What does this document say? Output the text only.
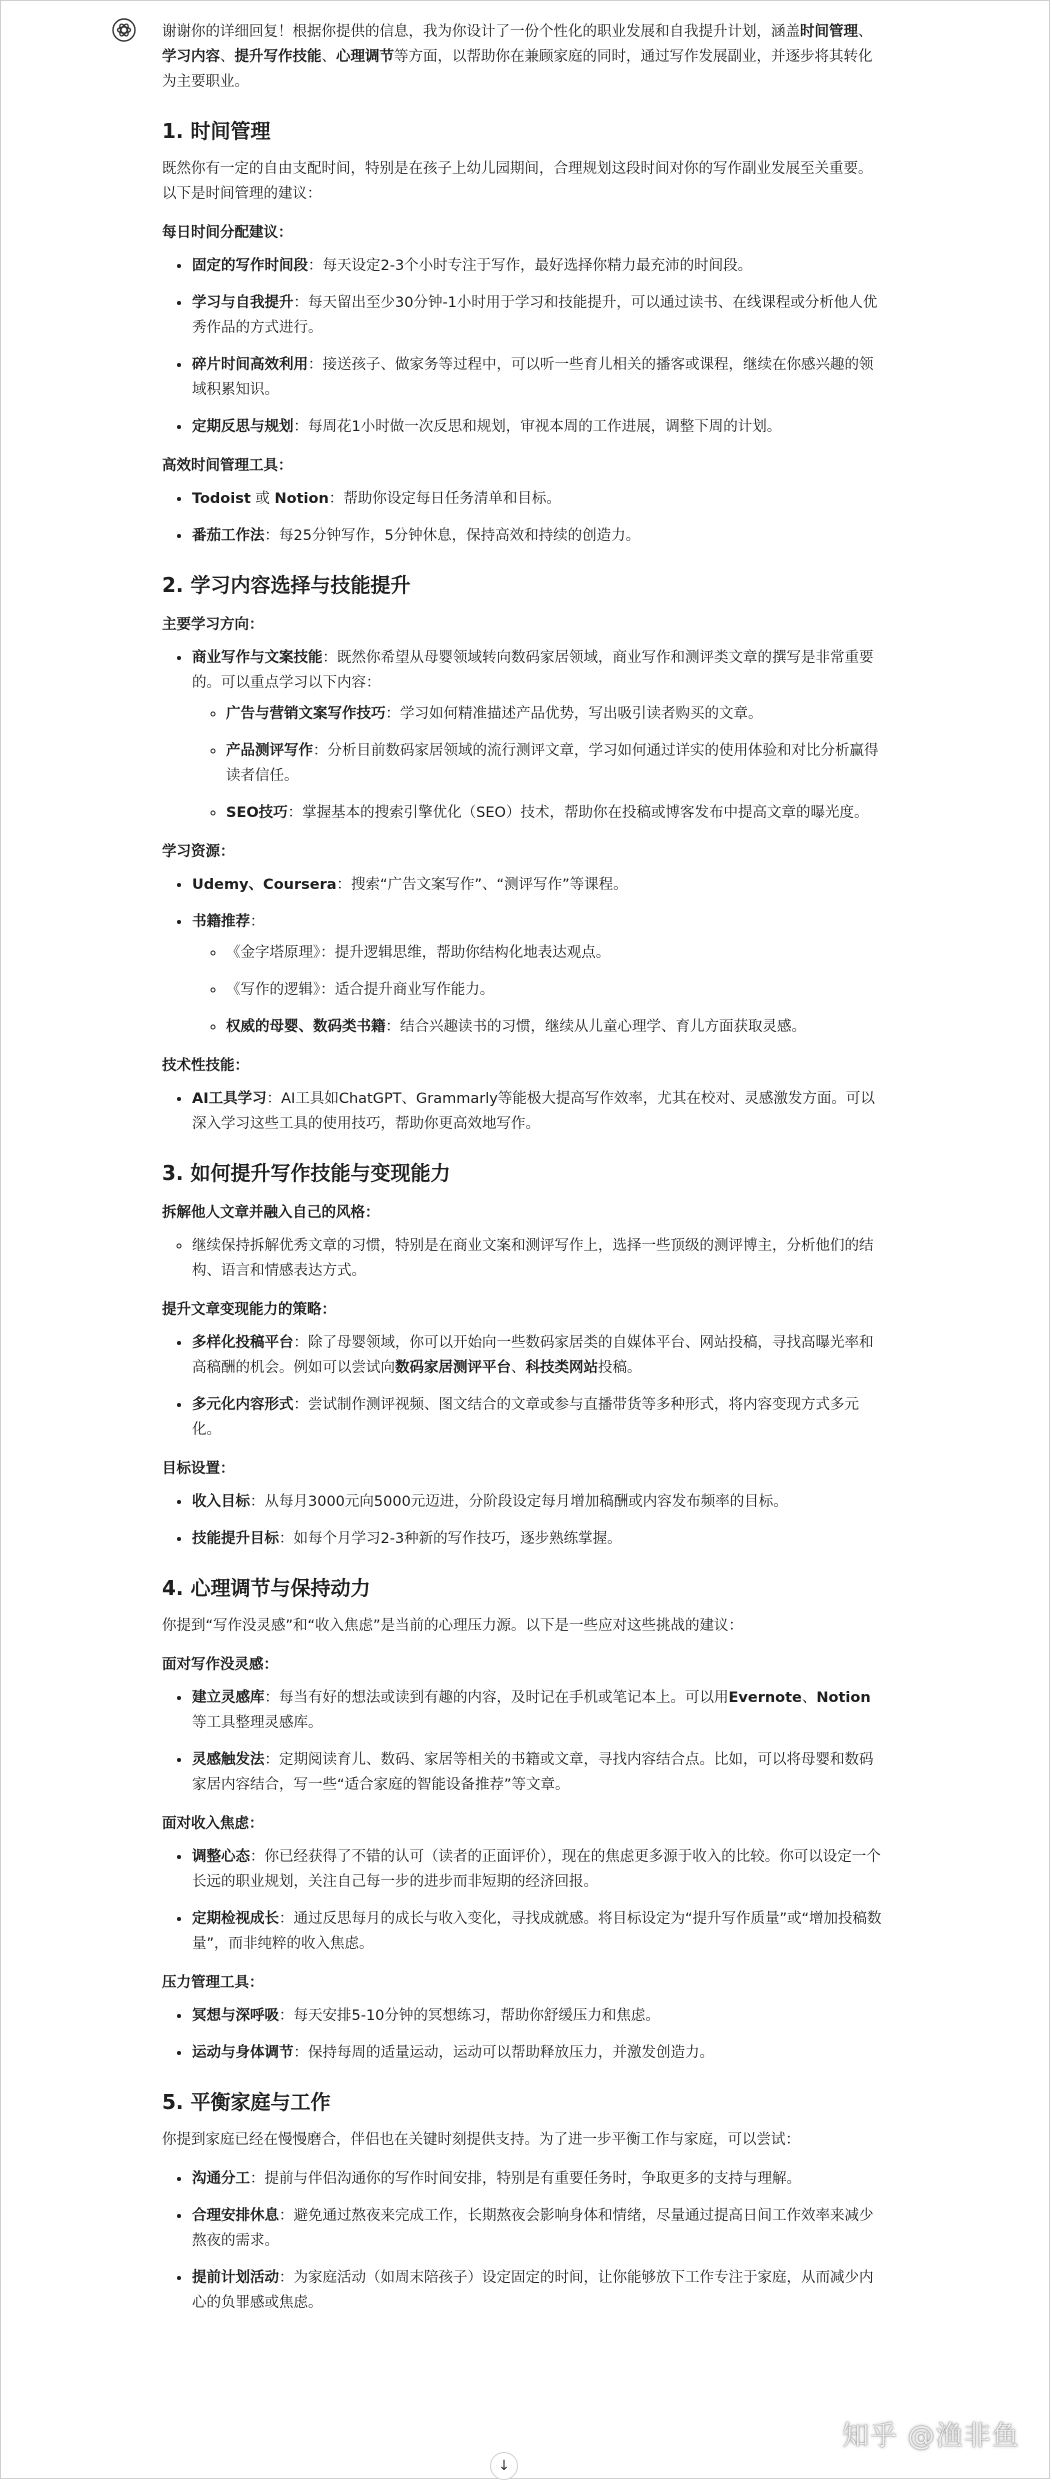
谢谢你的详细回复！根据你提供的信息，我为你设计了一份个性化的职业发展和自我提升计划，涵盖时间管理、学习内容、提升写作技能、心理调节等方面，以帮助你在兼顾家庭的同时，通过写作发展副业，并逐步将其转化为主要职业。

1. 时间管理

既然你有一定的自由支配时间，特别是在孩子上幼儿园期间，合理规划这段时间对你的写作副业发展至关重要。以下是时间管理的建议：

每日时间分配建议：
• 固定的写作时间段：每天设定2-3个小时专注于写作，最好选择你精力最充沛的时间段。
• 学习与自我提升：每天留出至少30分钟-1小时用于学习和技能提升，可以通过读书、在线课程或分析他人优秀作品的方式进行。
• 碎片时间高效利用：接送孩子、做家务等过程中，可以听一些育儿相关的播客或课程，继续在你感兴趣的领域积累知识。
• 定期反思与规划：每周花1小时做一次反思和规划，审视本周的工作进展，调整下周的计划。
高效时间管理工具：
• Todoist 或 Notion：帮助你设定每日任务清单和目标。
• 番茄工作法：每25分钟写作，5分钟休息，保持高效和持续的创造力。
2. 学习内容选择与技能提升
主要学习方向：
• 商业写作与文案技能：既然你希望从母婴领域转向数码家居领域，商业写作和测评类文章的撰写是非常重要的。可以重点学习以下内容：
◦ 广告与营销文案写作技巧：学习如何精准描述产品优势，写出吸引读者购买的文章。
◦ 产品测评写作：分析目前数码家居领域的流行测评文章，学习如何通过详实的使用体验和对比分析赢得读者信任。
◦ SEO技巧：掌握基本的搜索引擎优化（SEO）技术，帮助你在投稿或博客发布中提高文章的曝光度。
学习资源：
• Udemy、Coursera：搜索“广告文案写作”、“测评写作”等课程。
• 书籍推荐：
◦ 《金字塔原理》：提升逻辑思维，帮助你结构化地表达观点。
◦ 《写作的逻辑》：适合提升商业写作能力。
◦ 权威的母婴、数码类书籍：结合兴趣读书的习惯，继续从儿童心理学、育儿方面获取灵感。
技术性技能：
• AI工具学习：AI工具如ChatGPT、Grammarly等能极大提高写作效率，尤其在校对、灵感激发方面。可以深入学习这些工具的使用技巧，帮助你更高效地写作。
3. 如何提升写作技能与变现能力
拆解他人文章并融入自己的风格：
◦ 继续保持拆解优秀文章的习惯，特别是在商业文案和测评写作上，选择一些顶级的测评博主，分析他们的结构、语言和情感表达方式。
提升文章变现能力的策略：
• 多样化投稿平台：除了母婴领域，你可以开始向一些数码家居类的自媒体平台、网站投稿，寻找高曝光率和高稿酬的机会。例如可以尝试向数码家居测评平台、科技类网站投稿。
• 多元化内容形式：尝试制作测评视频、图文结合的文章或参与直播带货等多种形式，将内容变现方式多元化。
目标设置：
• 收入目标：从每月3000元向5000元迈进，分阶段设定每月增加稿酬或内容发布频率的目标。
• 技能提升目标：如每个月学习2-3种新的写作技巧，逐步熟练掌握。
4. 心理调节与保持动力

你提到“写作没灵感”和“收入焦虑”是当前的心理压力源。以下是一些应对这些挑战的建议：

面对写作没灵感：
• 建立灵感库：每当有好的想法或读到有趣的内容，及时记在手机或笔记本上。可以用Evernote、Notion等工具整理灵感库。
• 灵感触发法：定期阅读育儿、数码、家居等相关的书籍或文章，寻找内容结合点。比如，可以将母婴和数码家居内容结合，写一些“适合家庭的智能设备推荐”等文章。
面对收入焦虑：
• 调整心态：你已经获得了不错的认可（读者的正面评价），现在的焦虑更多源于收入的比较。你可以设定一个长远的职业规划，关注自己每一步的进步而非短期的经济回报。
• 定期检视成长：通过反思每月的成长与收入变化，寻找成就感。将目标设定为“提升写作质量”或“增加投稿数量”，而非纯粹的收入焦虑。
压力管理工具：
• 冥想与深呼吸：每天安排5-10分钟的冥想练习，帮助你舒缓压力和焦虑。
• 运动与身体调节：保持每周的适量运动，运动可以帮助释放压力，并激发创造力。
5. 平衡家庭与工作

你提到家庭已经在慢慢磨合，伴侣也在关键时刻提供支持。为了进一步平衡工作与家庭，可以尝试：

• 沟通分工：提前与伴侣沟通你的写作时间安排，特别是有重要任务时，争取更多的支持与理解。
• 合理安排休息：避免通过熬夜来完成工作，长期熬夜会影响身体和情绪，尽量通过提高日间工作效率来减少熬夜的需求。
• 提前计划活动：为家庭活动（如周末陪孩子）设定固定的时间，让你能够放下工作专注于家庭，从而减少内心的负罪感或焦虑。
知乎 @渔非鱼
↓
